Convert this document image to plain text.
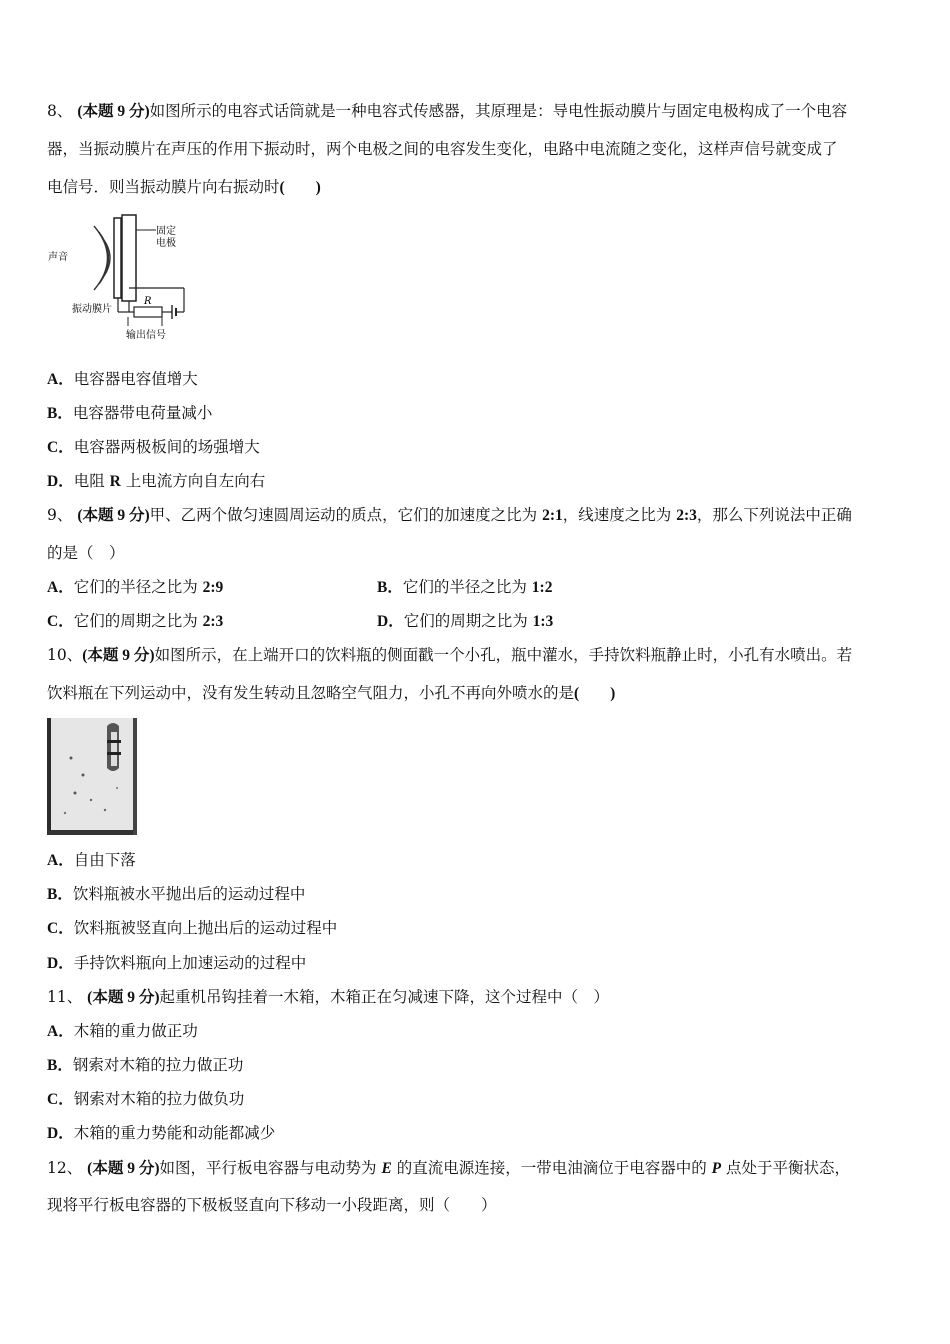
8、 (本题 9 分)如图所示的电容式话筒就是一种电容式传感器，其原理是：导电性振动膜片与固定电极构成了一个电容
器，当振动膜片在声压的作用下振动时，两个电极之间的电容发生变化，电路中电流随之变化，这样声信号就变成了
电信号．则当振动膜片向右振动时(　　)
声音
固定
电极
R
振动膜片
输出信号
A．电容器电容值增大
B．电容器带电荷量减小
C．电容器两极板间的场强增大
D．电阻 R 上电流方向自左向右
9、 (本题 9 分)甲、乙两个做匀速圆周运动的质点，它们的加速度之比为 2:1，线速度之比为 2:3，那么下列说法中正确
的是（　）
A．它们的半径之比为 2:9	B．它们的半径之比为 1:2
C．它们的周期之比为 2:3	D．它们的周期之比为 1:3
10、(本题 9 分)如图所示，在上端开口的饮料瓶的侧面戳一个小孔，瓶中灌水，手持饮料瓶静止时，小孔有水喷出。若
饮料瓶在下列运动中，没有发生转动且忽略空气阻力，小孔不再向外喷水的是(　　)
A．自由下落
B．饮料瓶被水平抛出后的运动过程中
C．饮料瓶被竖直向上抛出后的运动过程中
D．手持饮料瓶向上加速运动的过程中
11、 (本题 9 分)起重机吊钩挂着一木箱，木箱正在匀减速下降，这个过程中（　）
A．木箱的重力做正功
B．钢索对木箱的拉力做正功
C．钢索对木箱的拉力做负功
D．木箱的重力势能和动能都减少
12、 (本题 9 分)如图，平行板电容器与电动势为 E 的直流电源连接，一带电油滴位于电容器中的 P 点处于平衡状态，
现将平行板电容器的下极板竖直向下移动一小段距离，则（　　）
